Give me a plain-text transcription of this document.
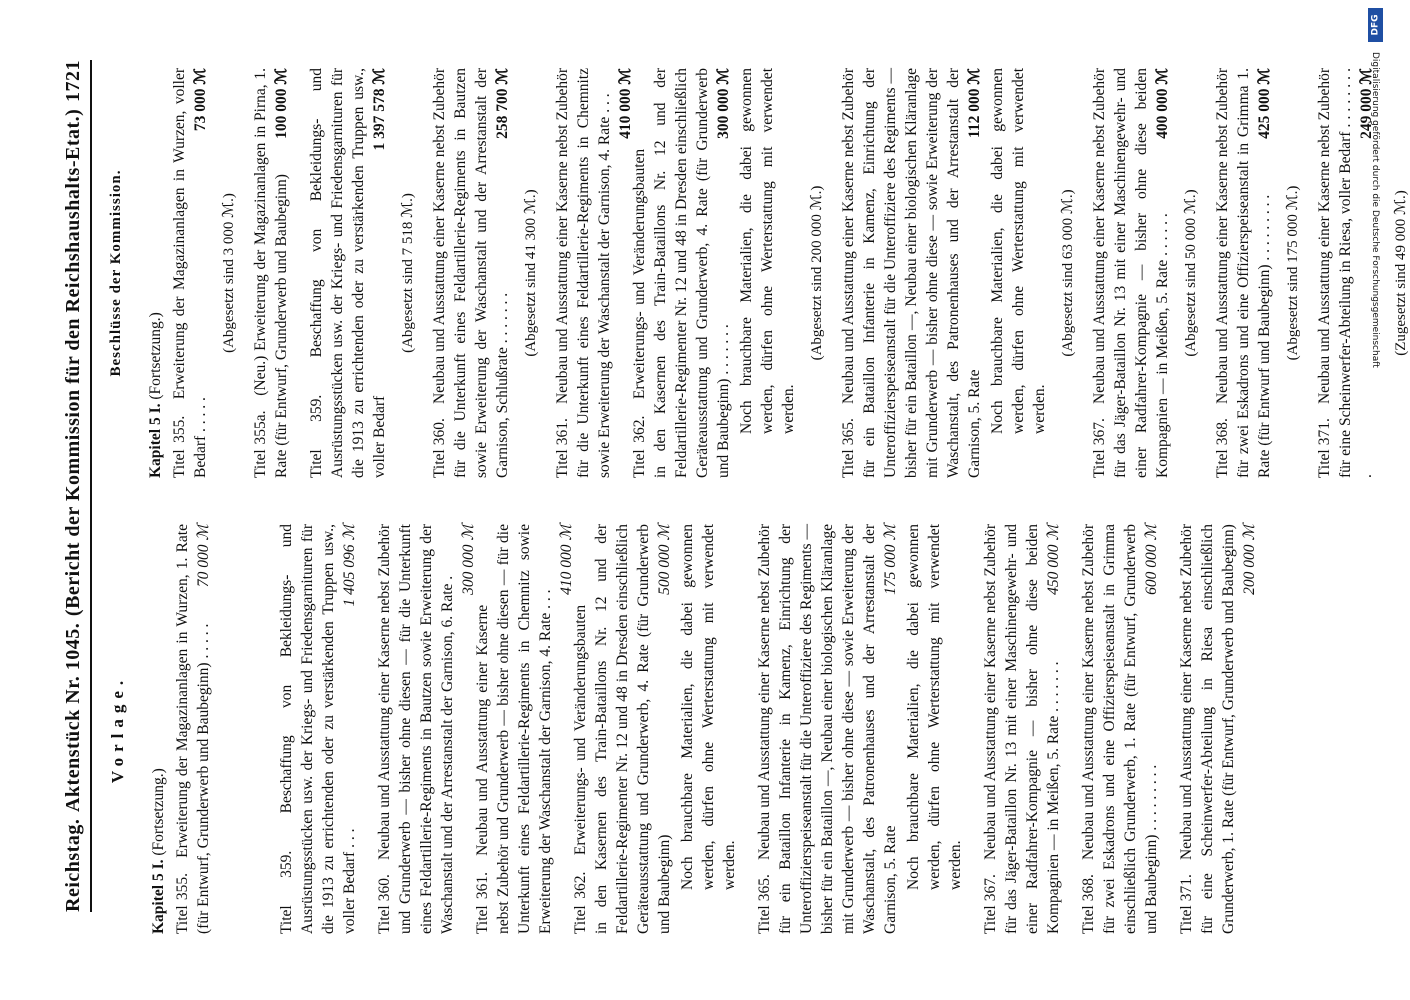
Reichstag.
Aktenstück Nr. 1045.
(Bericht der Kommission für den Reichshaushalts-Etat.)
1721
Vorlage.
Kapitel 5 I. (Fortsetzung.)
Titel 355. Erweiterung der Magazinanlagen in Wurzen, 1. Rate (für Entwurf, Grunderwerb und Baubeginn) . . . . .
70 000 ℳ
Titel 359. Beschaffung von Bekleidungs- und Ausrüstungsstücken usw. der Kriegs- und Friedensgarnituren für die 1913 zu errichtenden oder zu verstärkenden Truppen usw., voller Bedarf . . .
1 405 096 ℳ
Titel 360. Neubau und Ausstattung einer Kaserne nebst Zubehör und Grunderwerb — bisher ohne diesen — für die Unterkunft eines Feldartillerie-Regiments in Bautzen sowie Erweiterung der Waschanstalt und der Arrestanstalt der Garnison, 6. Rate .
300 000 ℳ
Titel 361. Neubau und Ausstattung einer Kaserne nebst Zubehör und Grunderwerb — bisher ohne diesen — für die Unterkunft eines Feldartillerie-Regiments in Chemnitz sowie Erweiterung der Waschanstalt der Garnison, 4. Rate . . .
410 000 ℳ
Titel 362. Erweiterungs- und Veränderungsbauten in den Kasernen des Train-Bataillons Nr. 12 und der Feldartillerie-Regimenter Nr. 12 und 48 in Dresden einschließlich Geräteausstattung und Grunderwerb, 4. Rate (für Grunderwerb und Baubeginn)
500 000 ℳ Noch brauchbare Materialien, die dabei gewonnen werden, dürfen ohne Werterstattung mit verwendet werden.
Titel 365. Neubau und Ausstattung einer Kaserne nebst Zubehör für ein Bataillon Infanterie in Kamenz, Einrichtung der Unteroffizierspeiseanstalt für die Unteroffiziere des Regiments — bisher für ein Bataillon —, Neubau einer biologischen Kläranlage mit Grunderwerb — bisher ohne diese — sowie Erweiterung der Waschanstalt, des Patronenhauses und der Arrestanstalt der Garnison, 5. Rate
175 000 ℳ Noch brauchbare Materialien, die dabei gewonnen werden, dürfen ohne Werterstattung mit verwendet werden.
Titel 367. Neubau und Ausstattung einer Kaserne nebst Zubehör für das Jäger-Bataillon Nr. 13 mit einer Maschinengewehr- und einer Radfahrer-Kompagnie — bisher ohne diese beiden Kompagnien — in Meißen, 5. Rate . . . . . . .
450 000 ℳ
Titel 368. Neubau und Ausstattung einer Kaserne nebst Zubehör für zwei Eskadrons und eine Offizierspeiseanstalt in Grimma einschließlich Grunderwerb, 1. Rate (für Entwurf, Grunderwerb und Baubeginn) . . . . . . . . .
600 000 ℳ
Titel 371. Neubau und Ausstattung einer Kaserne nebst Zubehör für eine Scheinwerfer-Abteilung in Riesa einschließlich Grunderwerb, 1. Rate (für Entwurf, Grunderwerb und Baubeginn) 200 000 ℳ
Beschlüsse der Kommission.
Kapitel 5 I. (Fortsetzung.)
Titel 355. Erweiterung der Magazinanlagen in Wurzen, voller Bedarf . . . . .
73 000 ℳ
(Abgesetzt sind 3 000 ℳ.)
Titel 355a. (Neu.) Erweiterung der Magazinanlagen in Pirna, 1. Rate (für Entwurf, Grunderwerb und Baubeginn)
100 000 ℳ
Titel 359. Beschaffung von Bekleidungs- und Ausrüstungsstücken usw. der Kriegs- und Friedensgarnituren für die 1913 zu errichtenden oder zu verstärkenden Truppen usw., voller Bedarf
1 397 578 ℳ
(Abgesetzt sind 7 518 ℳ.)
Titel 360. Neubau und Ausstattung einer Kaserne nebst Zubehör für die Unterkunft eines Feldartillerie-Regiments in Bautzen sowie Erweiterung der Waschanstalt und der Arrestanstalt der Garnison, Schlußrate . . . . . . .
258 700 ℳ
(Abgesetzt sind 41 300 ℳ.)
Titel 361. Neubau und Ausstattung einer Kaserne nebst Zubehör für die Unterkunft eines Feldartillerie-Regiments in Chemnitz sowie Erweiterung der Waschanstalt der Garnison, 4. Rate . . . 410 000 ℳ
Titel 362. Erweiterungs- und Veränderungsbauten in den Kasernen des Train-Bataillons Nr. 12 und der Feldartillerie-Regimenter Nr. 12 und 48 in Dresden einschließlich Geräteausstattung und Grunderwerb, 4. Rate (für Grunderwerb und Baubeginn) . . . . . . .
300 000 ℳ Noch brauchbare Materialien, die dabei gewonnen werden, dürfen ohne Werterstattung mit verwendet werden.
(Abgesetzt sind 200 000 ℳ.)
Titel 365. Neubau und Ausstattung einer Kaserne nebst Zubehör für ein Bataillon Infanterie in Kamenz, Einrichtung der Unteroffizierspeiseanstalt für die Unteroffiziere des Regiments — bisher für ein Bataillon —, Neubau einer biologischen Kläranlage mit Grunderwerb — bisher ohne diese — sowie Erweiterung der Waschanstalt, des Patronenhauses und der Arrestanstalt der Garnison, 5. Rate
112 000 ℳ Noch brauchbare Materialien, die dabei gewonnen werden, dürfen ohne Werterstattung mit verwendet werden.
(Abgesetzt sind 63 000 ℳ.)
Titel 367. Neubau und Ausstattung einer Kaserne nebst Zubehör für das Jäger-Bataillon Nr. 13 mit einer Maschinengewehr- und einer Radfahrer-Kompagnie — bisher ohne diese beiden Kompagnien — in Meißen, 5. Rate . . . . . .
400 000 ℳ
(Abgesetzt sind 50 000 ℳ.)
Titel 368. Neubau und Ausstattung einer Kaserne nebst Zubehör für zwei Eskadrons und eine Offizierspeiseanstalt in Grimma 1. Rate (für Entwurf und Baubeginn) . . . . . . . . .
425 000 ℳ
(Abgesetzt sind 175 000 ℳ.)
Titel 371. Neubau und Ausstattung einer Kaserne nebst Zubehör für eine Scheinwerfer-Abteilung in Riesa, voller Bedarf . . . . . . . . .
249 000 ℳ
(Zugesetzt sind 49 000 ℳ.)
DFG
Digitalisierung gefördert durch die Deutsche Forschungsgemeinschaft
